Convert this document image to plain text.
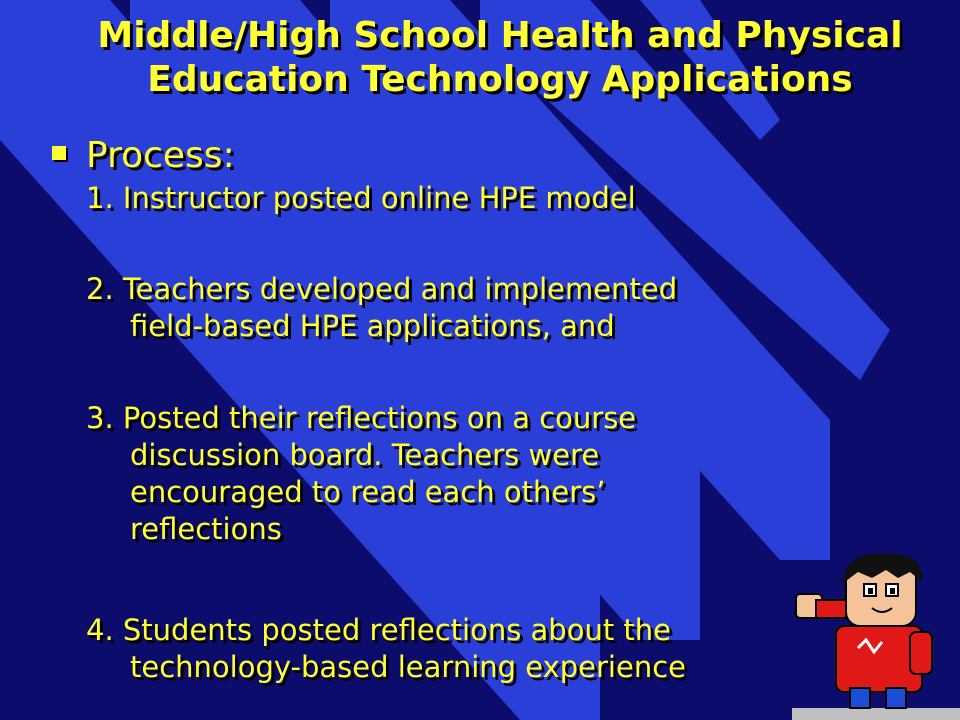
Middle/High School Health and Physical
Education Technology Applications
Process:
1. Instructor posted online HPE model
2. Teachers developed and implemented
field-based HPE applications, and
3. Posted their reflections on a course
discussion board. Teachers were
encouraged to read each others’
reflections
4. Students posted reflections about the
technology-based learning experience
